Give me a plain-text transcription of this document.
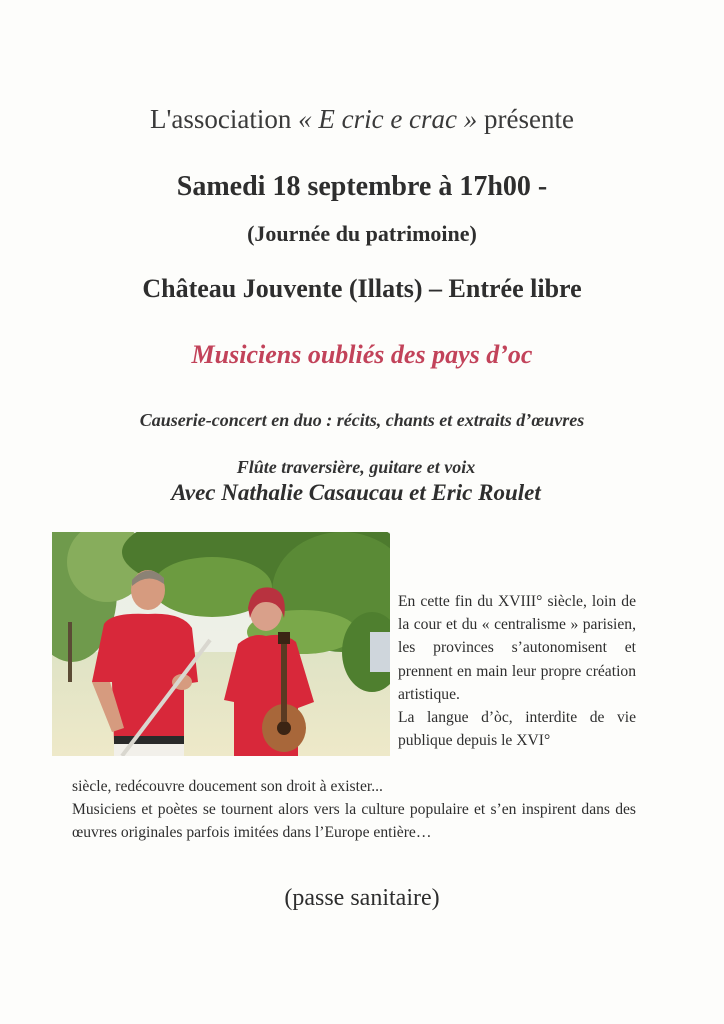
L'association « E cric e crac » présente
Samedi 18 septembre à 17h00 -
(Journée du patrimoine)
Château Jouvente (Illats) – Entrée libre
Musiciens oubliés des pays d’oc
Causerie-concert en duo : récits, chants et extraits d’œuvres
Flûte traversière, guitare et voix
Avec Nathalie Casaucau et Eric Roulet

En cette fin du XVIII° siècle, loin de la cour et du « centralisme » parisien, les provinces s’autonomisent et prennent en main leur propre création artistique.

La langue d’òc, interdite de vie publique depuis le XVI°

siècle, redécouvre doucement son droit à exister...

Musiciens et poètes se tournent alors vers la culture populaire et s’en inspirent dans des œuvres originales parfois imitées dans l’Europe entière…

(passe sanitaire)
